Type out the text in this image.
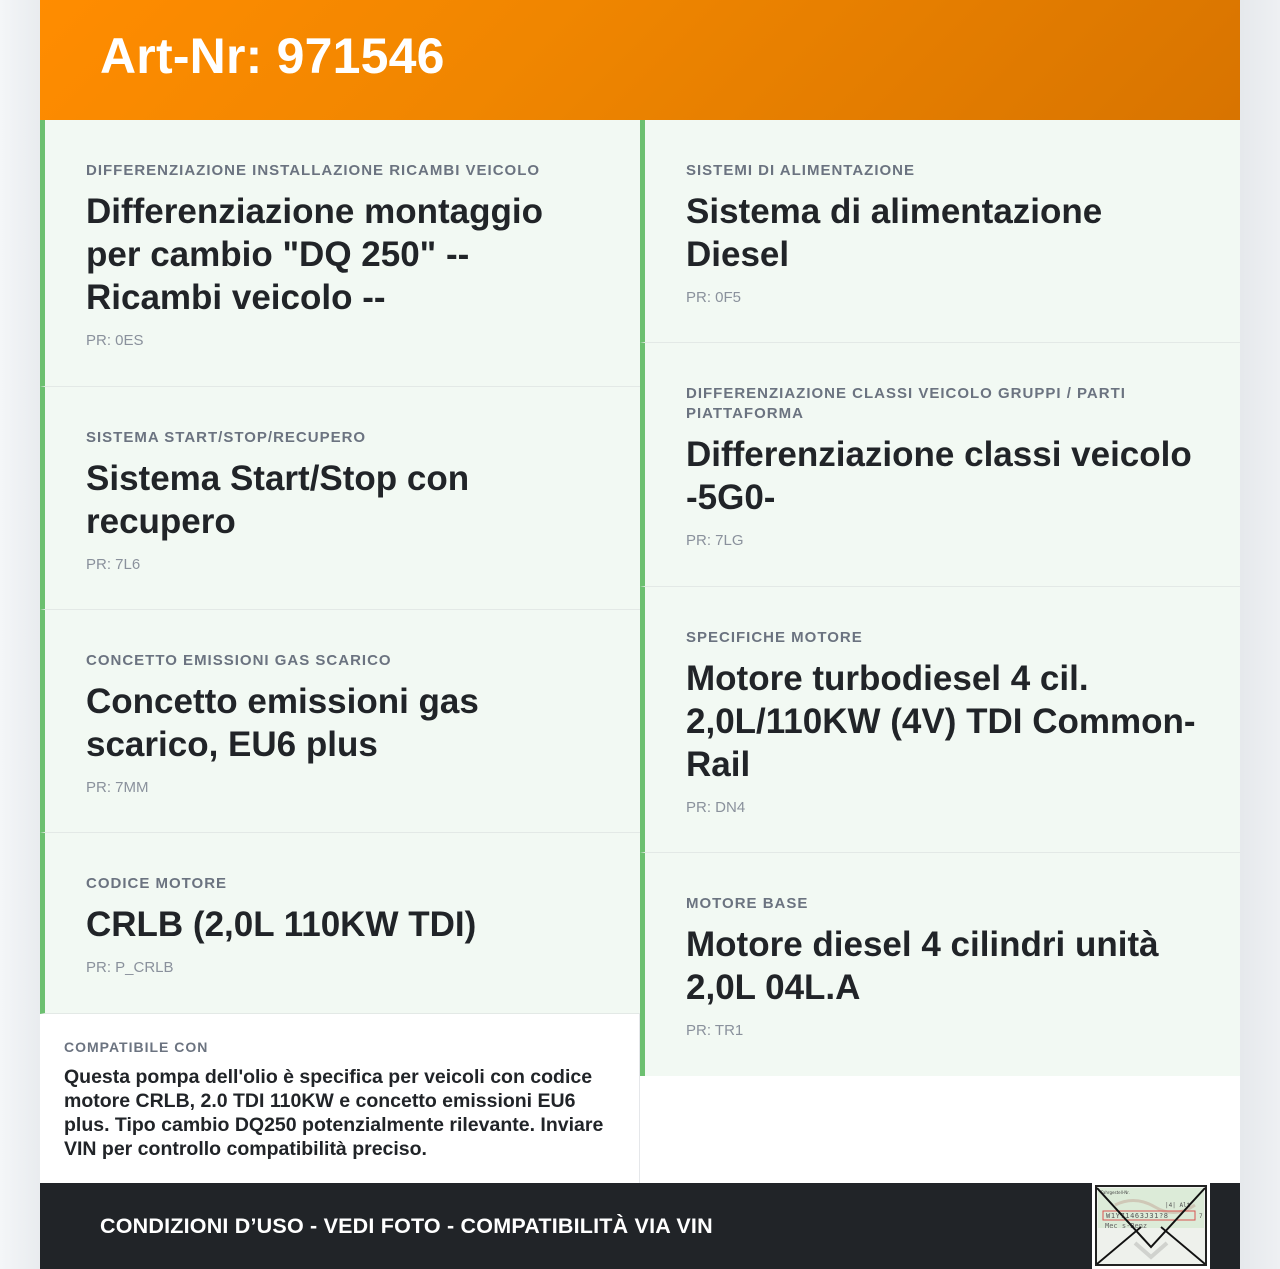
Art-Nr: 971546
DIFFERENZIAZIONE INSTALLAZIONE RICAMBI VEICOLO
Differenziazione montaggio per cambio "DQ 250" -- Ricambi veicolo --
PR: 0ES
SISTEMA START/STOP/RECUPERO
Sistema Start/Stop con recupero
PR: 7L6
CONCETTO EMISSIONI GAS SCARICO
Concetto emissioni gas scarico, EU6 plus
PR: 7MM
CODICE MOTORE
CRLB (2,0L 110KW TDI)
PR: P_CRLB
COMPATIBILE CON
Questa pompa dell'olio è specifica per veicoli con codice motore CRLB, 2.0 TDI 110KW e concetto emissioni EU6 plus. Tipo cambio DQ250 potenzialmente rilevante. Inviare VIN per controllo compatibilità preciso.
SISTEMI DI ALIMENTAZIONE
Sistema di alimentazione Diesel
PR: 0F5
DIFFERENZIAZIONE CLASSI VEICOLO GRUPPI / PARTI PIATTAFORMA
Differenziazione classi veicolo -5G0-
PR: 7LG
SPECIFICHE MOTORE
Motore turbodiesel 4 cil. 2,0L/110KW (4V) TDI Common-Rail
PR: DN4
MOTORE BASE
Motore diesel 4 cilindri unità 2,0L 04L.A
PR: TR1
CONDIZIONI D’USO - VEDI FOTO - COMPATIBILITÀ VIA VIN
Fahrgestell-Nr.
|4| Alt
W1Y71463J31?8	7
Mec s-Benz
